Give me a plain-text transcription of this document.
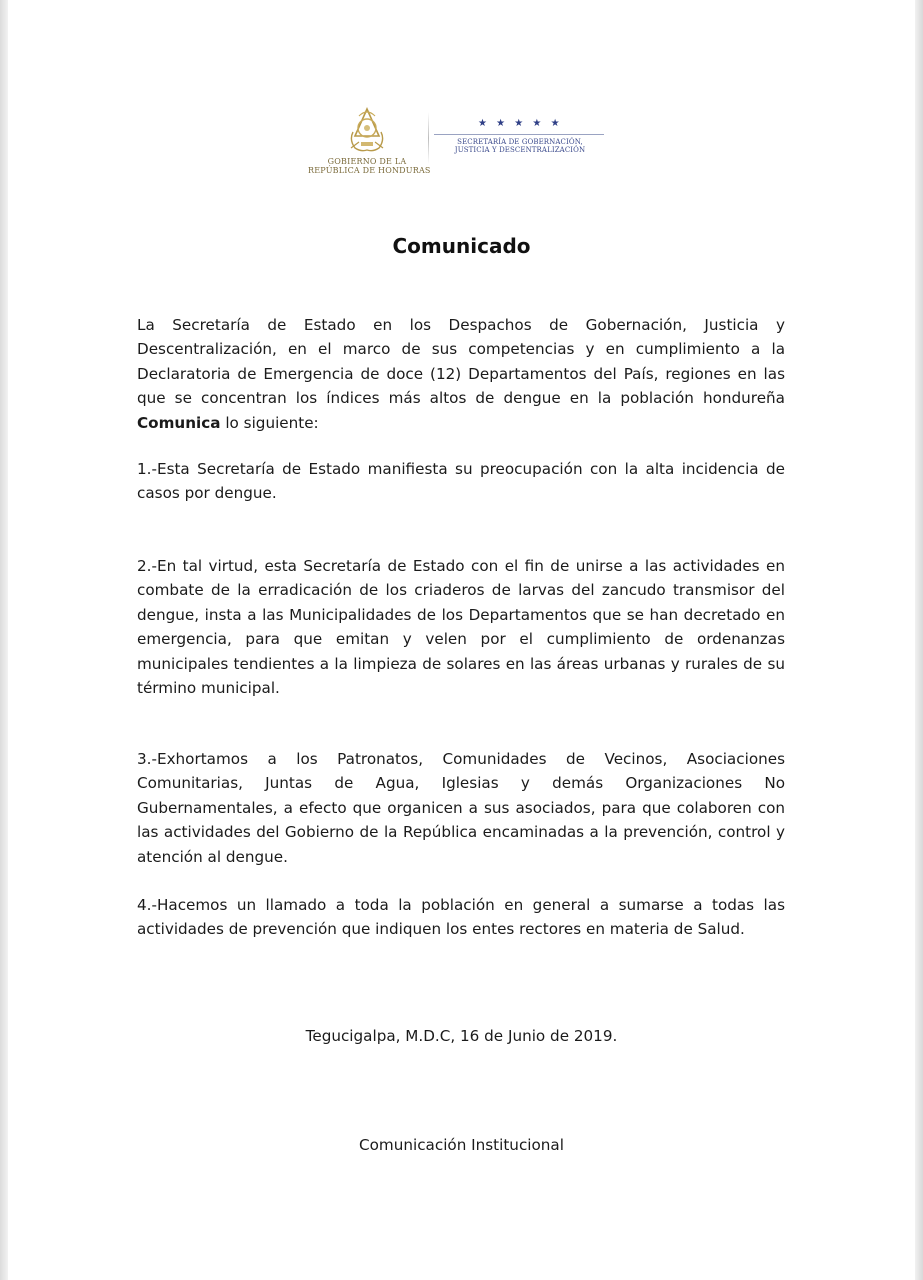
GOBIERNO DE LA
REPÚBLICA DE HONDURAS
★ ★ ★ ★ ★
SECRETARÍA DE GOBERNACIÓN,
JUSTICIA Y DESCENTRALIZACIÓN
Comunicado
La Secretaría de Estado en los Despachos de Gobernación, Justicia y Descentralización, en el marco de sus competencias y en cumplimiento a la Declaratoria de Emergencia de doce (12) Departamentos del País, regiones en las que se concentran los índices más altos de dengue en la población hondureña Comunica lo siguiente:
1.-Esta Secretaría de Estado manifiesta su preocupación con la alta incidencia de casos por dengue.
2.-En tal virtud, esta Secretaría de Estado con el fin de unirse a las actividades en combate de la erradicación de los criaderos de larvas del zancudo transmisor del dengue, insta a las Municipalidades de los Departamentos que se han decretado en emergencia, para que emitan y velen por el cumplimiento de ordenanzas municipales tendientes a la limpieza de solares en las áreas urbanas y rurales de su término municipal.
3.-Exhortamos a los Patronatos, Comunidades de Vecinos, Asociaciones Comunitarias, Juntas de Agua, Iglesias y demás Organizaciones No Gubernamentales, a efecto que organicen a sus asociados, para que colaboren con las actividades del Gobierno de la República encaminadas a la prevención, control y atención al dengue.
4.-Hacemos un llamado a toda la población en general a sumarse a todas las actividades de prevención que indiquen los entes rectores en materia de Salud.
Tegucigalpa, M.D.C, 16 de Junio de 2019.
Comunicación Institucional
